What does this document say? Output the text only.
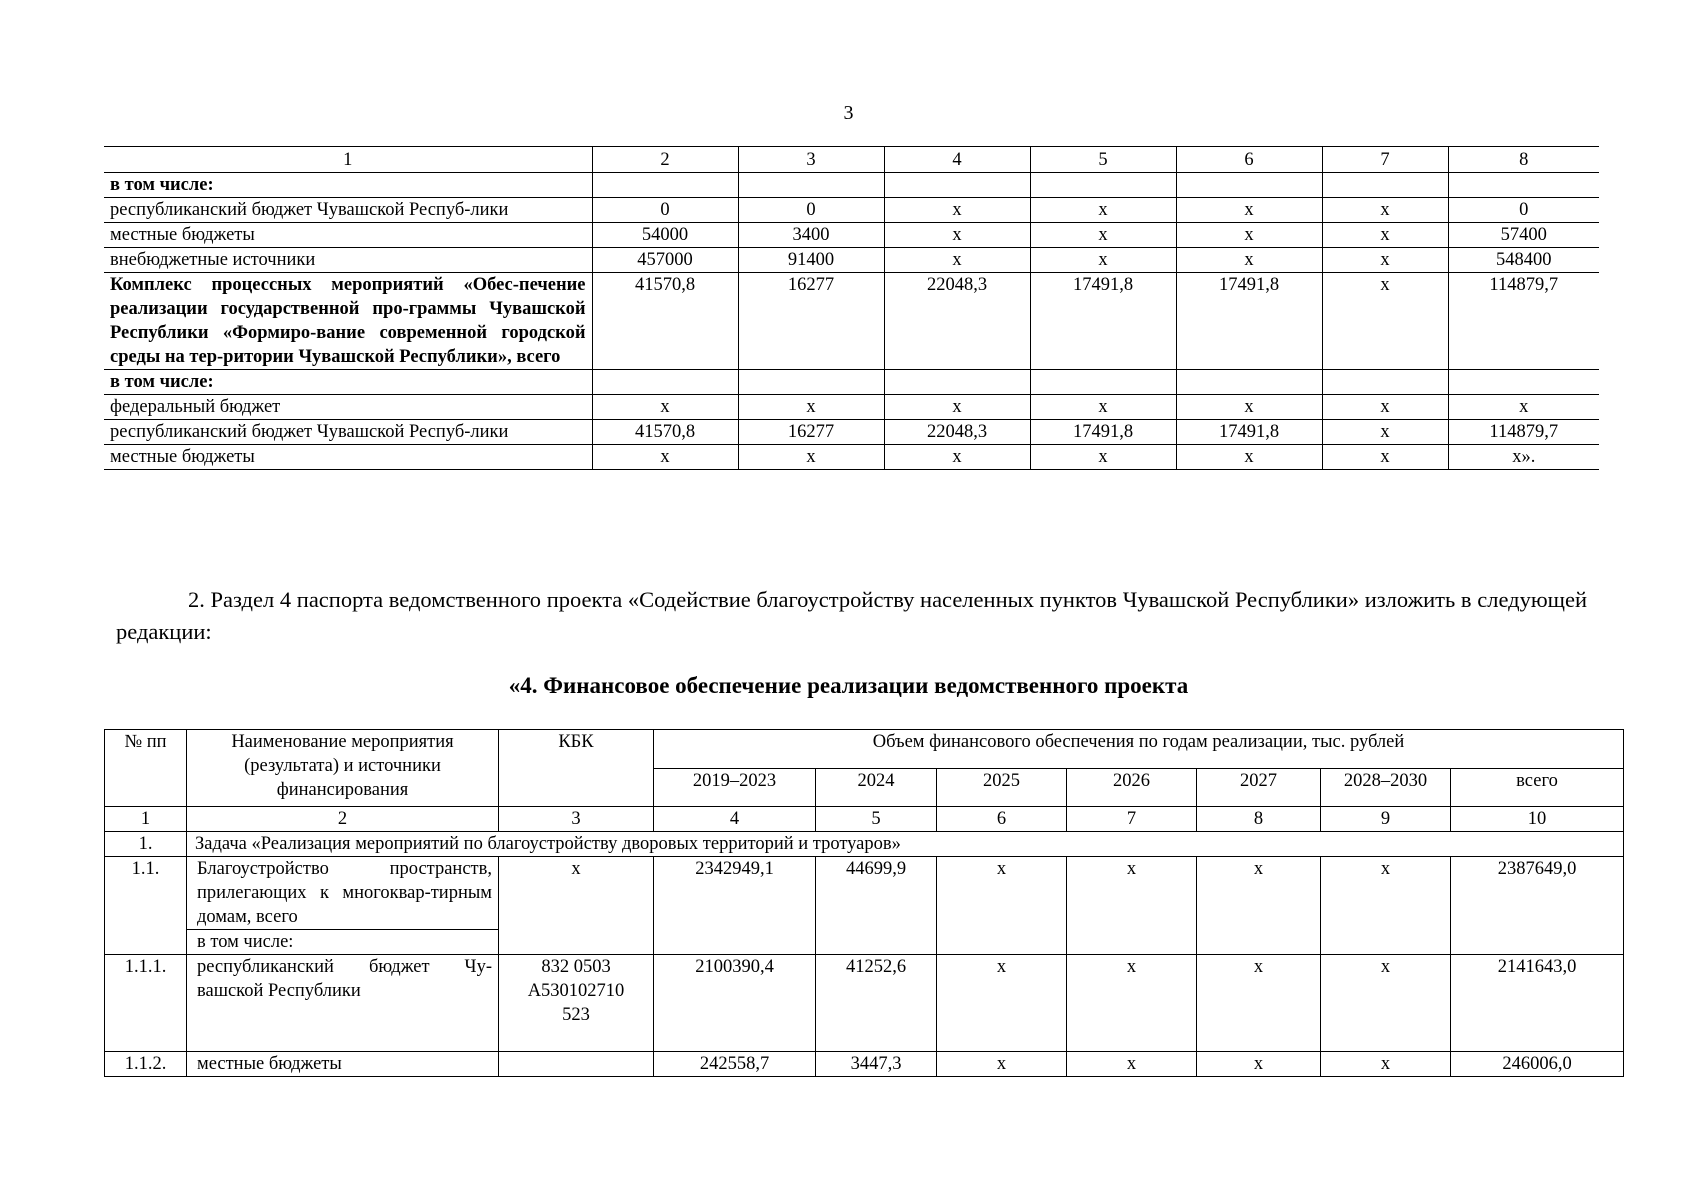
3
1	2	3	4	5	6	7	8
в том числе:							
республиканский бюджет Чувашской Респуб-лики	0	0	х	х	х	х	0
местные бюджеты	54000	3400	х	х	х	х	57400
внебюджетные источники	457000	91400	х	х	х	х	548400
Комплекс процессных мероприятий «Обес-печение реализации государственной про-граммы Чувашской Республики «Формиро-вание современной городской среды на тер-ритории Чувашской Республики», всего	41570,8	16277	22048,3	17491,8	17491,8	х	114879,7
в том числе:							
федеральный бюджет	х	х	х	х	х	х	х
республиканский бюджет Чувашской Респуб-лики	41570,8	16277	22048,3	17491,8	17491,8	х	114879,7
местные бюджеты	х	х	х	х	х	х	х».
2. Раздел 4 паспорта ведомственного проекта «Содействие благоустройству населенных пунктов Чувашской Республики» изложить в следующей редакции:
«4. Финансовое обеспечение реализации ведомственного проекта
№ пп	Наименование мероприятия (результата) и источники финансирования	КБК	Объем финансового обеспечения по годам реализации, тыс. рублей						
			2019–2023	2024	2025	2026	2027	2028–2030	всего
1	2	3	4	5	6	7	8	9	10
1.	Задача «Реализация мероприятий по благоустройству дворовых территорий и тротуаров»								
1.1.	Благоустройство пространств, прилегающих к многоквар-тирным домам, всего	х	2342949,1	44699,9	х	х	х	х	2387649,0
	в том числе:								
1.1.1.	республиканский бюджет Чу-вашской Республики	832 0503 А530102710 523	2100390,4	41252,6	х	х	х	х	2141643,0
1.1.2.	местные бюджеты		242558,7	3447,3	х	х	х	х	246006,0
